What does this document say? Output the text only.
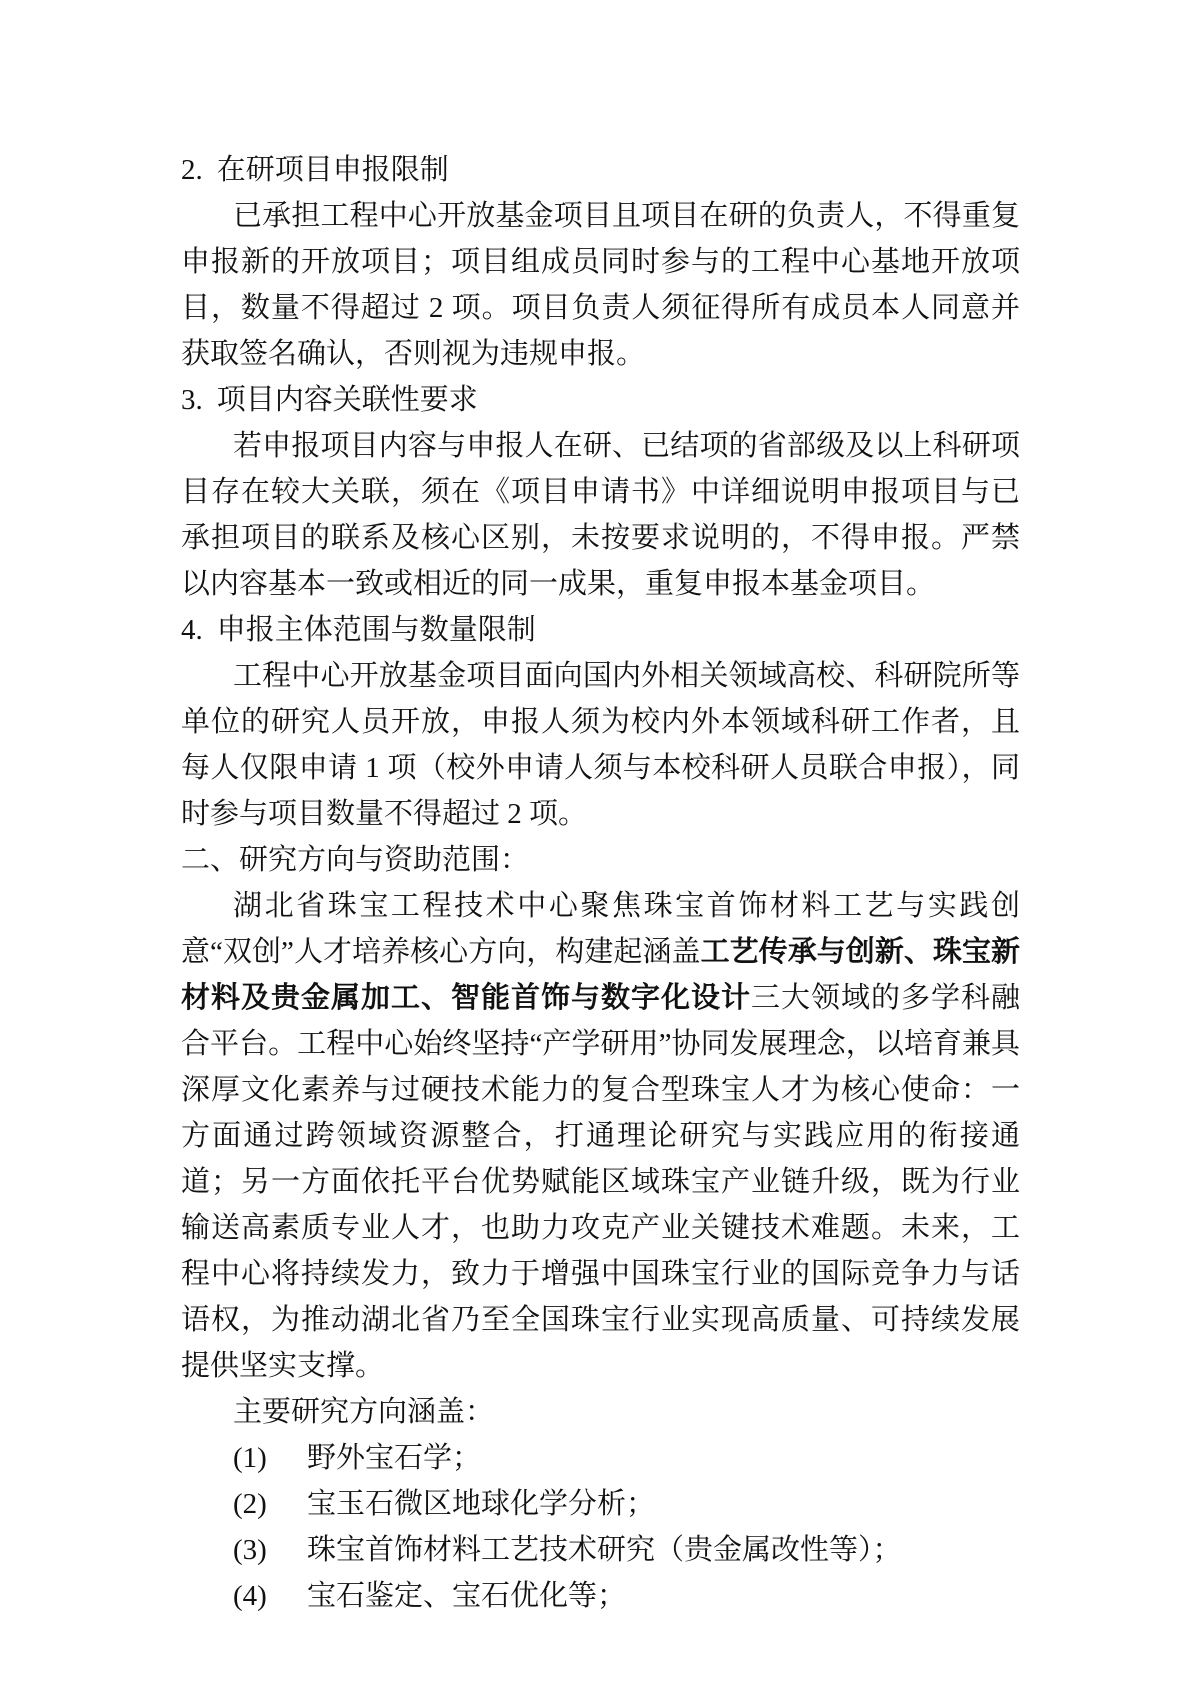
2. 在研项目申报限制

已承担工程中心开放基金项目且项目在研的负责人，不得重复申报新的开放项目；项目组成员同时参与的工程中心基地开放项目，数量不得超过 2 项。项目负责人须征得所有成员本人同意并获取签名确认，否则视为违规申报。

3. 项目内容关联性要求

若申报项目内容与申报人在研、已结项的省部级及以上科研项目存在较大关联，须在《项目申请书》中详细说明申报项目与已承担项目的联系及核心区别，未按要求说明的，不得申报。严禁以内容基本一致或相近的同一成果，重复申报本基金项目。

4. 申报主体范围与数量限制

工程中心开放基金项目面向国内外相关领域高校、科研院所等单位的研究人员开放，申报人须为校内外本领域科研工作者，且每人仅限申请 1 项（校外申请人须与本校科研人员联合申报），同时参与项目数量不得超过 2 项。

二、研究方向与资助范围：

湖北省珠宝工程技术中心聚焦珠宝首饰材料工艺与实践创意“双创”人才培养核心方向，构建起涵盖工艺传承与创新、珠宝新材料及贵金属加工、智能首饰与数字化设计三大领域的多学科融合平台。工程中心始终坚持“产学研用”协同发展理念，以培育兼具深厚文化素养与过硬技术能力的复合型珠宝人才为核心使命：一方面通过跨领域资源整合，打通理论研究与实践应用的衔接通道；另一方面依托平台优势赋能区域珠宝产业链升级，既为行业输送高素质专业人才，也助力攻克产业关键技术难题。未来，工程中心将持续发力，致力于增强中国珠宝行业的国际竞争力与话语权，为推动湖北省乃至全国珠宝行业实现高质量、可持续发展提供坚实支撑。

主要研究方向涵盖：

(1) 野外宝石学；
(2) 宝玉石微区地球化学分析；
(3) 珠宝首饰材料工艺技术研究（贵金属改性等）；
(4) 宝石鉴定、宝石优化等；
